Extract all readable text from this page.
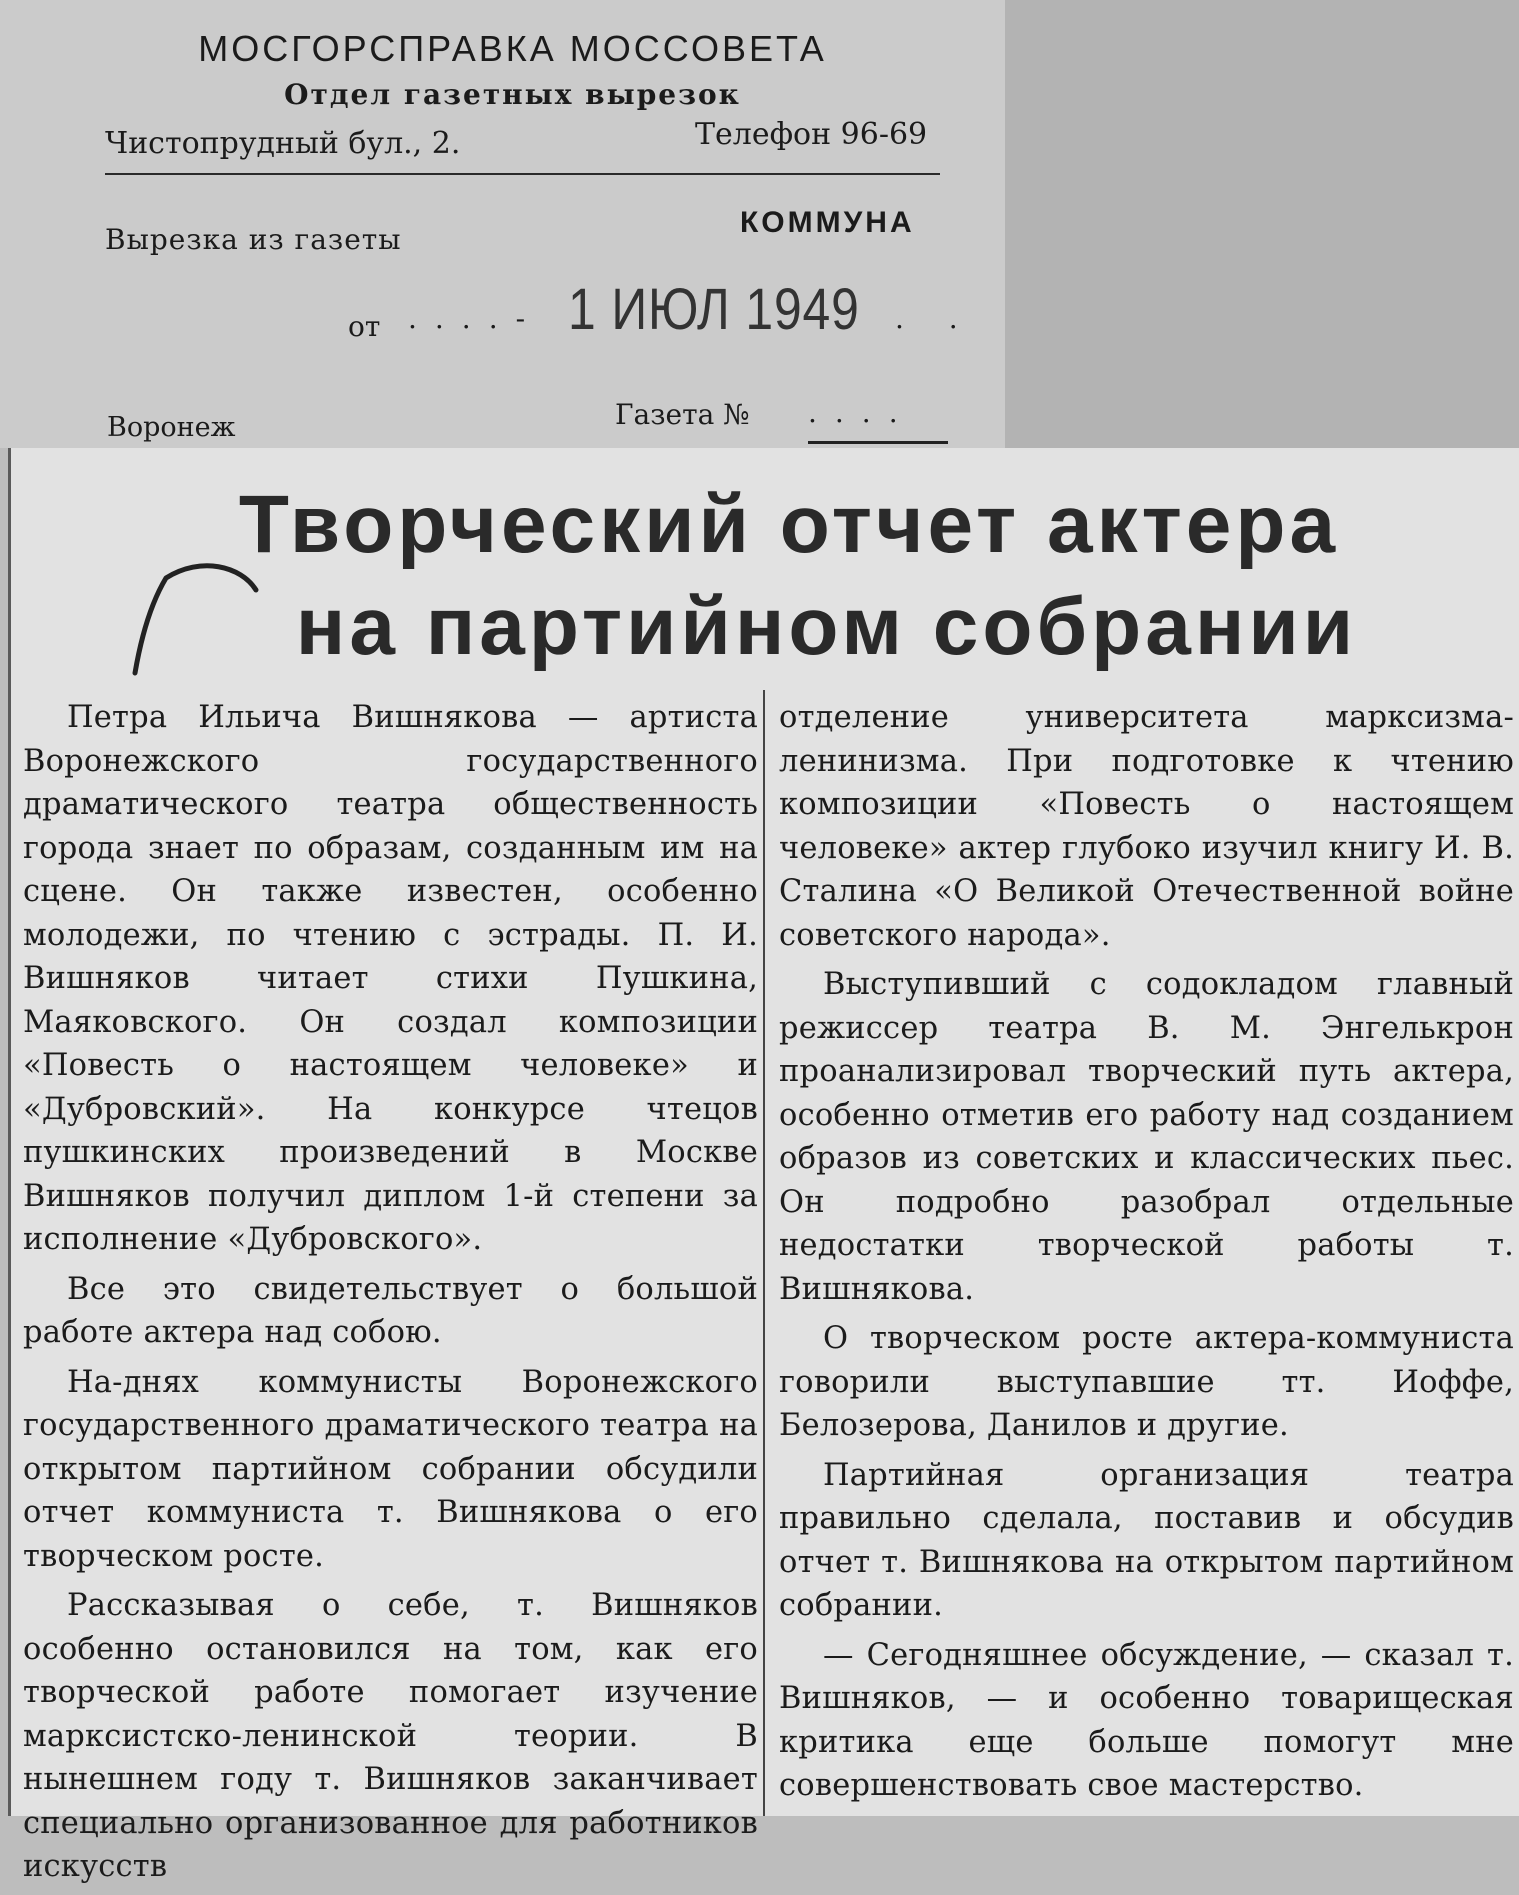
МОСГОРСПРАВКА МОССОВЕТА
Отдел газетных вырезок
Чистопрудный бул., 2.	Телефон 96-69
Вырезка из газеты
КОММУНА
от ....- 1 ИЮЛ 1949 . .
Воронеж	Газета № ....
Творческий отчет актера
на партийном собрании

Петра Ильича Вишнякова — артиста Воронежского государственного драматического театра общественность города знает по образам, созданным им на сцене. Он также известен, особенно молодежи, по чтению с эстрады. П. И. Вишняков читает стихи Пушкина, Маяковского. Он создал композиции «Повесть о настоящем человеке» и «Дубровский». На конкурсе чтецов пушкинских произведений в Москве Вишняков получил диплом 1-й степени за исполнение «Дубровского».

Все это свидетельствует о большой работе актера над собою.

На-днях коммунисты Воронежского государственного драматического театра на открытом партийном собрании обсудили отчет коммуниста т. Вишнякова о его творческом росте.

Рассказывая о себе, т. Вишняков особенно остановился на том, как его творческой работе помогает изучение марксистско-ленинской теории. В нынешнем году т. Вишняков заканчивает специально организованное для работников искусств

отделение университета марксизма-ленинизма. При подготовке к чтению композиции «Повесть о настоящем человеке» актер глубоко изучил книгу И. В. Сталина «О Великой Отечественной войне советского народа».

Выступивший с содокладом главный режиссер театра В. М. Энгелькрон проанализировал творческий путь актера, особенно отметив его работу над созданием образов из советских и классических пьес. Он подробно разобрал отдельные недостатки творческой работы т. Вишнякова.

О творческом росте актера-коммуниста говорили выступавшие тт. Иоффе, Белозерова, Данилов и другие.

Партийная организация театра правильно сделала, поставив и обсудив отчет т. Вишнякова на открытом партийном собрании.

— Сегодняшнее обсуждение, — сказал т. Вишняков, — и особенно товарищеская критика еще больше помогут мне совершенствовать свое мастерство.
